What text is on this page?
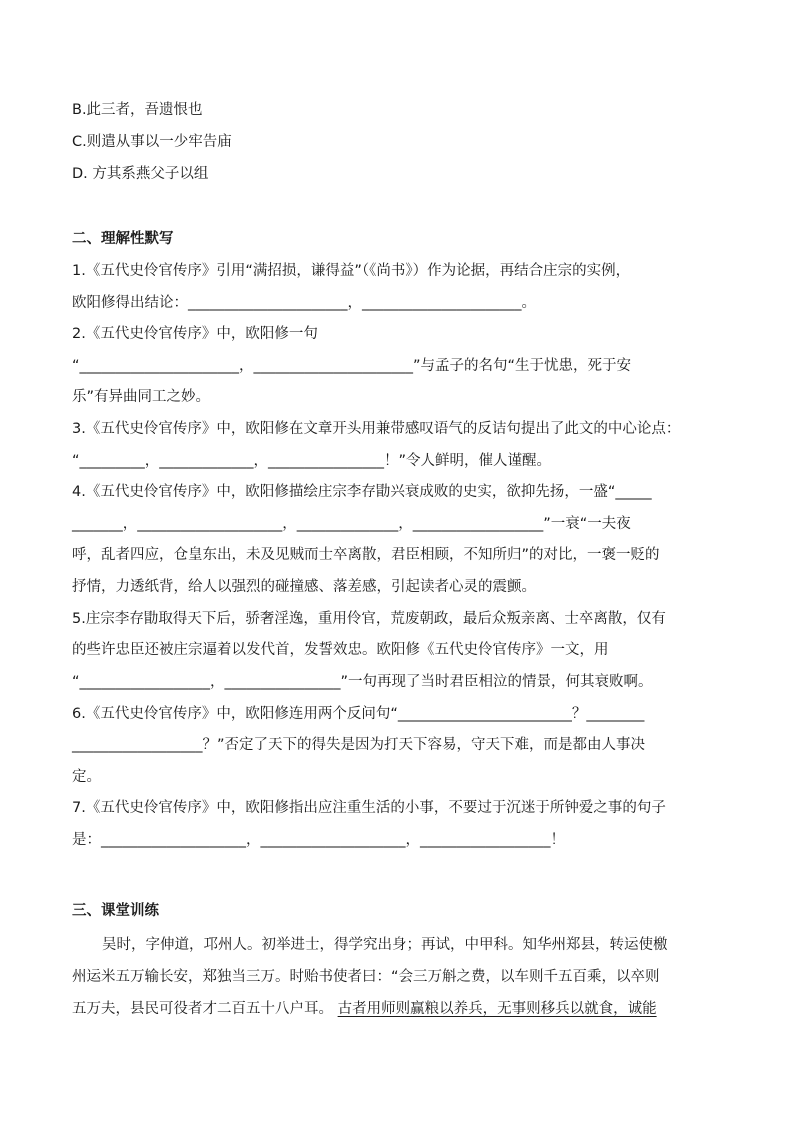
B.此三者，吾遗恨也
C.则遣从事以一少牢告庙
D. 方其系燕父子以组
二、理解性默写
1.《五代史伶官传序》引用“满招损，谦得益”（《尚书》）作为论据，再结合庄宗的实例，
欧阳修得出结论：______________________，______________________。
2.《五代史伶官传序》中，欧阳修一句
“______________________，______________________”与孟子的名句“生于忧患，死于安
乐”有异曲同工之妙。
3.《五代史伶官传序》中，欧阳修在文章开头用兼带感叹语气的反诘句提出了此文的中心论点：
“_________，_____________，________________！”令人鲜明，催人谨醒。
4.《五代史伶官传序》中，欧阳修描绘庄宗李存勖兴衰成败的史实，欲抑先扬，一盛“_____
_______，____________________，______________，__________________”一衰“一夫夜
呼，乱者四应，仓皇东出，未及见贼而士卒离散，君臣相顾，不知所归”的对比，一褒一贬的
抒情，力透纸背，给人以强烈的碰撞感、落差感，引起读者心灵的震颤。
5.庄宗李存勖取得天下后，骄奢淫逸，重用伶官，荒废朝政，最后众叛亲离、士卒离散，仅有
的些许忠臣还被庄宗逼着以发代首，发誓效忠。欧阳修《五代史伶官传序》一文，用
“__________________，________________”一句再现了当时君臣相泣的情景，何其衰败啊。
6.《五代史伶官传序》中，欧阳修连用两个反问句“________________________？________
__________________？”否定了天下的得失是因为打天下容易，守天下难，而是都由人事决
定。
7.《五代史伶官传序》中，欧阳修指出应注重生活的小事，不要过于沉迷于所钟爱之事的句子
是：____________________，____________________，__________________！
三、课堂训练
吴时，字伸道，邛州人。初举进士，得学究出身；再试，中甲科。知华州郑县，转运使檄
州运米五万输长安，郑独当三万。时贻书使者曰：“会三万斛之费，以车则千五百乘，以卒则
五万夫，县民可役者才二百五十八户耳。 古者用师则赢粮以养兵，无事则移兵以就食，诚能
